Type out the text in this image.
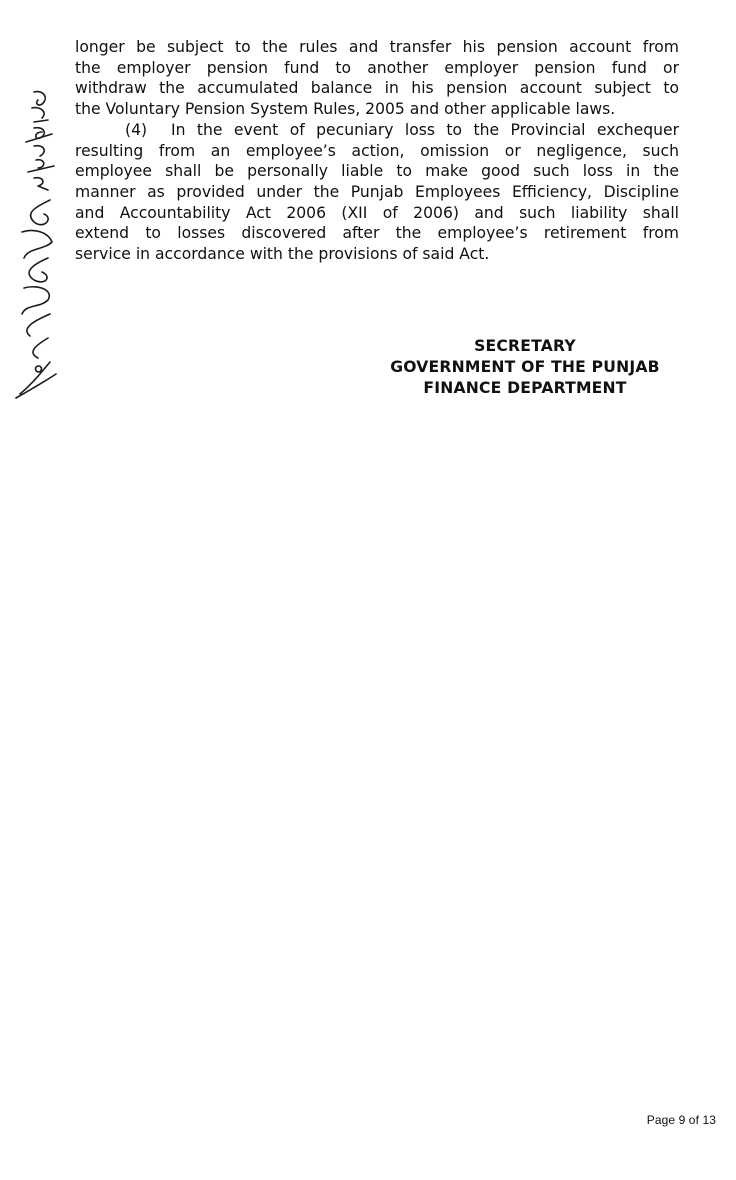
longer be subject to the rules and transfer his pension account from
the employer pension fund to another employer pension fund or
withdraw the accumulated balance in his pension account subject to
the Voluntary Pension System Rules, 2005 and other applicable laws.

(4) In the event of pecuniary loss to the Provincial exchequer
resulting from an employee’s action, omission or negligence, such
employee shall be personally liable to make good such loss in the
manner as provided under the Punjab Employees Efficiency, Discipline
and Accountability Act 2006 (XII of 2006) and such liability shall
extend to losses discovered after the employee’s retirement from
service in accordance with the provisions of said Act.

SECRETARY
GOVERNMENT OF THE PUNJAB
FINANCE DEPARTMENT
Page 9 of 13
